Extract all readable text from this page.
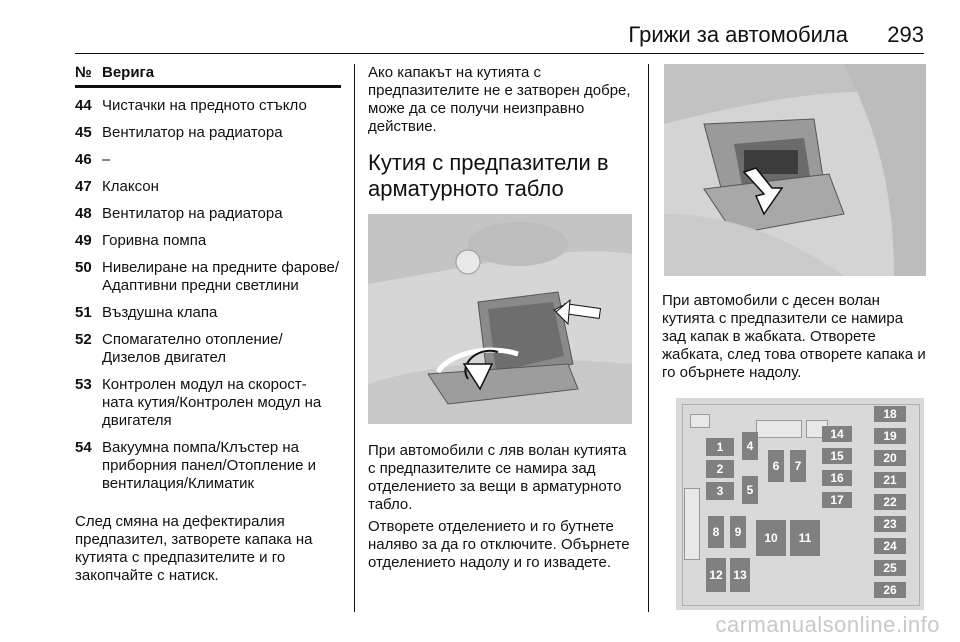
Грижи за автомобила 293
№ Верига
44 Чистачки на предното стъкло
45 Вентилатор на радиатора
46 –
47 Клаксон
48 Вентилатор на радиатора
49 Горивна помпа
50 Нивелиране на предните фарове/Адаптивни предни светлини
51 Въздушна клапа
52 Спомагателно отопление/ Дизелов двигател
53 Контролен модул на скорост- ната кутия/Контролен модул на двигателя
54 Вакуумна помпа/Клъстер на приборния панел/Отопление и вентилация/Климатик
След смяна на дефектиралия предпазител, затворете капака на кутията с предпазителите и го закопчайте с натиск.

Ако капакът на кутията с предпазителите не е затворен добре, може да се получи неизправно действие.

Кутия с предпазители в арматурното табло

При автомобили с ляв волан кутията с предпазителите се намира зад отделението за вещи в арматурното табло.

Отворете отделението и го бутнете наляво за да го отключите. Обърнете отделението надолу и го извадете.

При автомобили с десен волан кутията с предпазители се намира зад капак в жабката. Отворете жабката, след това отворете капака и го обърнете надолу.

1
2
3
4
5
6	7
8	9	10	11
12 13
14
15
16
17
18
19
20
21
22
23
24
25
26
carmanualsonline.info
